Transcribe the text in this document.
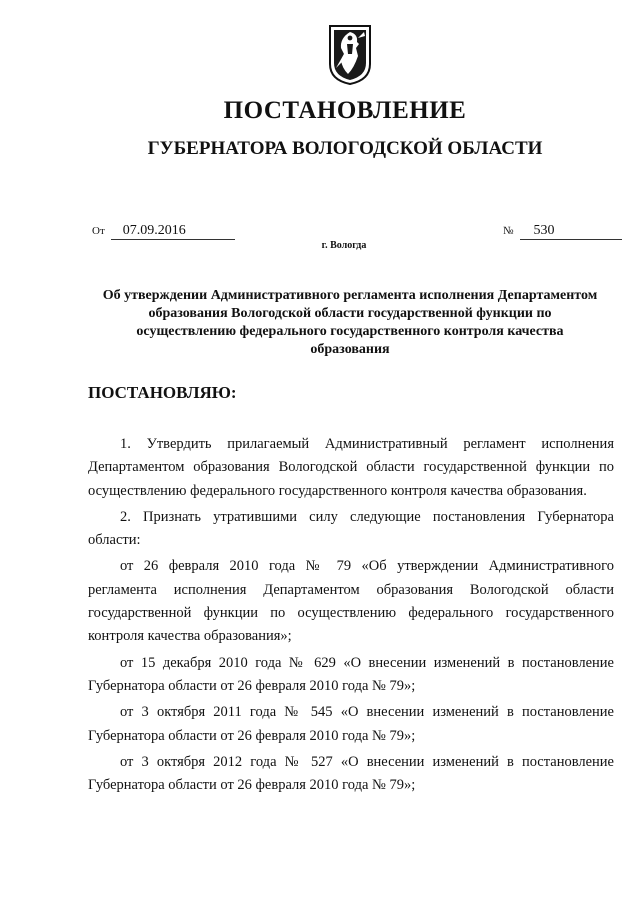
ПОСТАНОВЛЕНИЕ
ГУБЕРНАТОРА ВОЛОГОДСКОЙ ОБЛАСТИ
От 07.09.2016	№ 530
г. Вологда
Об утверждении Административного регламента исполнения Департаментом образования Вологодской области государственной функции по осуществлению федерального государственного контроля качества образования
ПОСТАНОВЛЯЮ:

1. Утвердить прилагаемый Административный регламент исполнения Департаментом образования Вологодской области государственной функции по осуществлению федерального государственного контроля качества образования.

2. Признать утратившими силу следующие постановления Губернатора области:

от 26 февраля 2010 года № 79 «Об утверждении Административного регламента исполнения Департаментом образования Вологодской области государственной функции по осуществлению федерального государственного контроля качества образования»;

от 15 декабря 2010 года № 629 «О внесении изменений в постановление Губернатора области от 26 февраля 2010 года № 79»;

от 3 октября 2011 года № 545 «О внесении изменений в постановление Губернатора области от 26 февраля 2010 года № 79»;

от 3 октября 2012 года № 527 «О внесении изменений в постановление Губернатора области от 26 февраля 2010 года № 79»;
